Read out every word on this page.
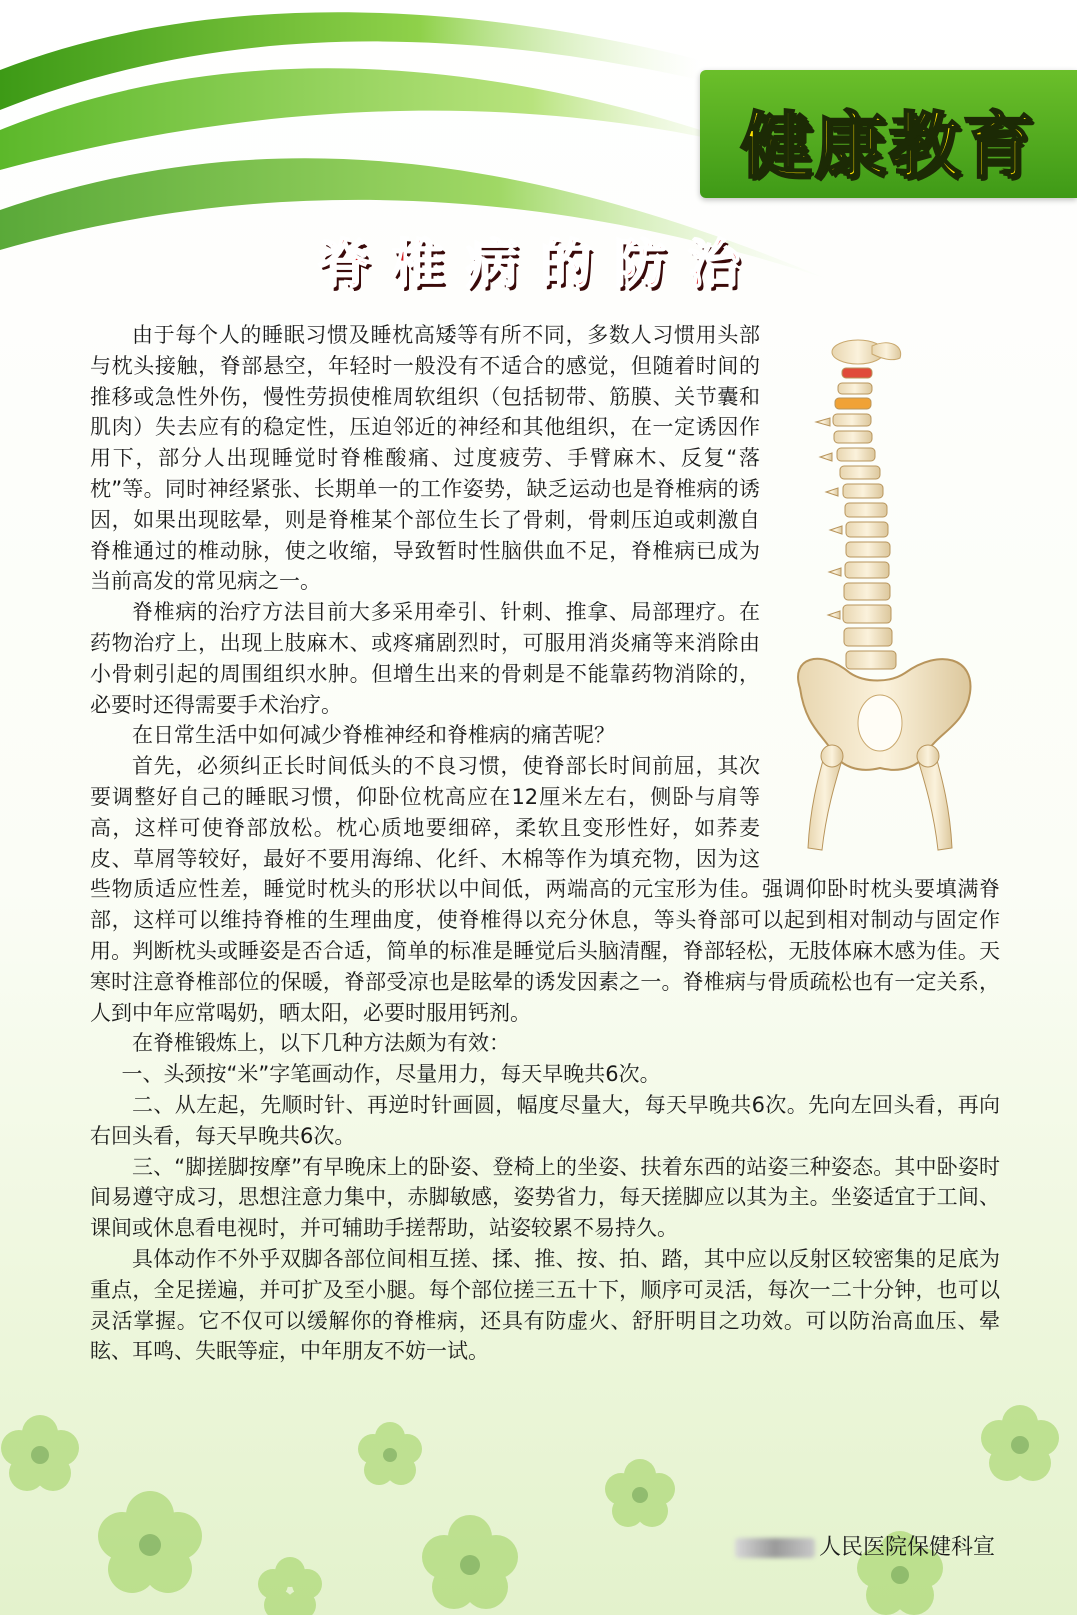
健康教育
脊椎病的防治

由于每个人的睡眠习惯及睡枕高矮等有所不同，多数人习惯用头部与枕头接触，脊部悬空，年轻时一般没有不适合的感觉，但随着时间的推移或急性外伤，慢性劳损使椎周软组织（包括韧带、筋膜、关节囊和肌肉）失去应有的稳定性，压迫邻近的神经和其他组织，在一定诱因作用下，部分人出现睡觉时脊椎酸痛、过度疲劳、手臂麻木、反复“落枕”等。同时神经紧张、长期单一的工作姿势，缺乏运动也是脊椎病的诱因，如果出现眩晕，则是脊椎某个部位生长了骨刺，骨刺压迫或刺激自脊椎通过的椎动脉，使之收缩，导致暂时性脑供血不足，脊椎病已成为当前高发的常见病之一。

脊椎病的治疗方法目前大多采用牵引、针刺、推拿、局部理疗。在药物治疗上，出现上肢麻木、或疼痛剧烈时，可服用消炎痛等来消除由小骨刺引起的周围组织水肿。但增生出来的骨刺是不能靠药物消除的，必要时还得需要手术治疗。

在日常生活中如何减少脊椎神经和脊椎病的痛苦呢？

首先，必须纠正长时间低头的不良习惯，使脊部长时间前屈，其次要调整好自己的睡眠习惯，仰卧位枕高应在12厘米左右，侧卧与肩等高，这样可使脊部放松。枕心质地要细碎，柔软且变形性好，如荞麦皮、草屑等较好，最好不要用海绵、化纤、木棉等作为填充物，因为这些物质适应性差，睡觉时枕头的形状以中间低，两端高的元宝形为佳。强调仰卧时枕头要填满脊部，这样可以维持脊椎的生理曲度，使脊椎得以充分休息，等头脊部可以起到相对制动与固定作用。判断枕头或睡姿是否合适，简单的标准是睡觉后头脑清醒，脊部轻松，无肢体麻木感为佳。天寒时注意脊椎部位的保暖，脊部受凉也是眩晕的诱发因素之一。脊椎病与骨质疏松也有一定关系，人到中年应常喝奶，晒太阳，必要时服用钙剂。

在脊椎锻炼上，以下几种方法颇为有效：

一、头颈按“米”字笔画动作，尽量用力，每天早晚共6次。

二、从左起，先顺时针、再逆时针画圆，幅度尽量大，每天早晚共6次。先向左回头看，再向右回头看，每天早晚共6次。

三、“脚搓脚按摩”有早晚床上的卧姿、登椅上的坐姿、扶着东西的站姿三种姿态。其中卧姿时间易遵守成习，思想注意力集中，赤脚敏感，姿势省力，每天搓脚应以其为主。坐姿适宜于工间、课间或休息看电视时，并可辅助手搓帮助，站姿较累不易持久。

具体动作不外乎双脚各部位间相互搓、揉、推、按、拍、踏，其中应以反射区较密集的足底为重点，全足搓遍，并可扩及至小腿。每个部位搓三五十下，顺序可灵活，每次一二十分钟，也可以灵活掌握。它不仅可以缓解你的脊椎病，还具有防虚火、舒肝明目之功效。可以防治高血压、晕眩、耳鸣、失眠等症，中年朋友不妨一试。

人民医院保健科宣
